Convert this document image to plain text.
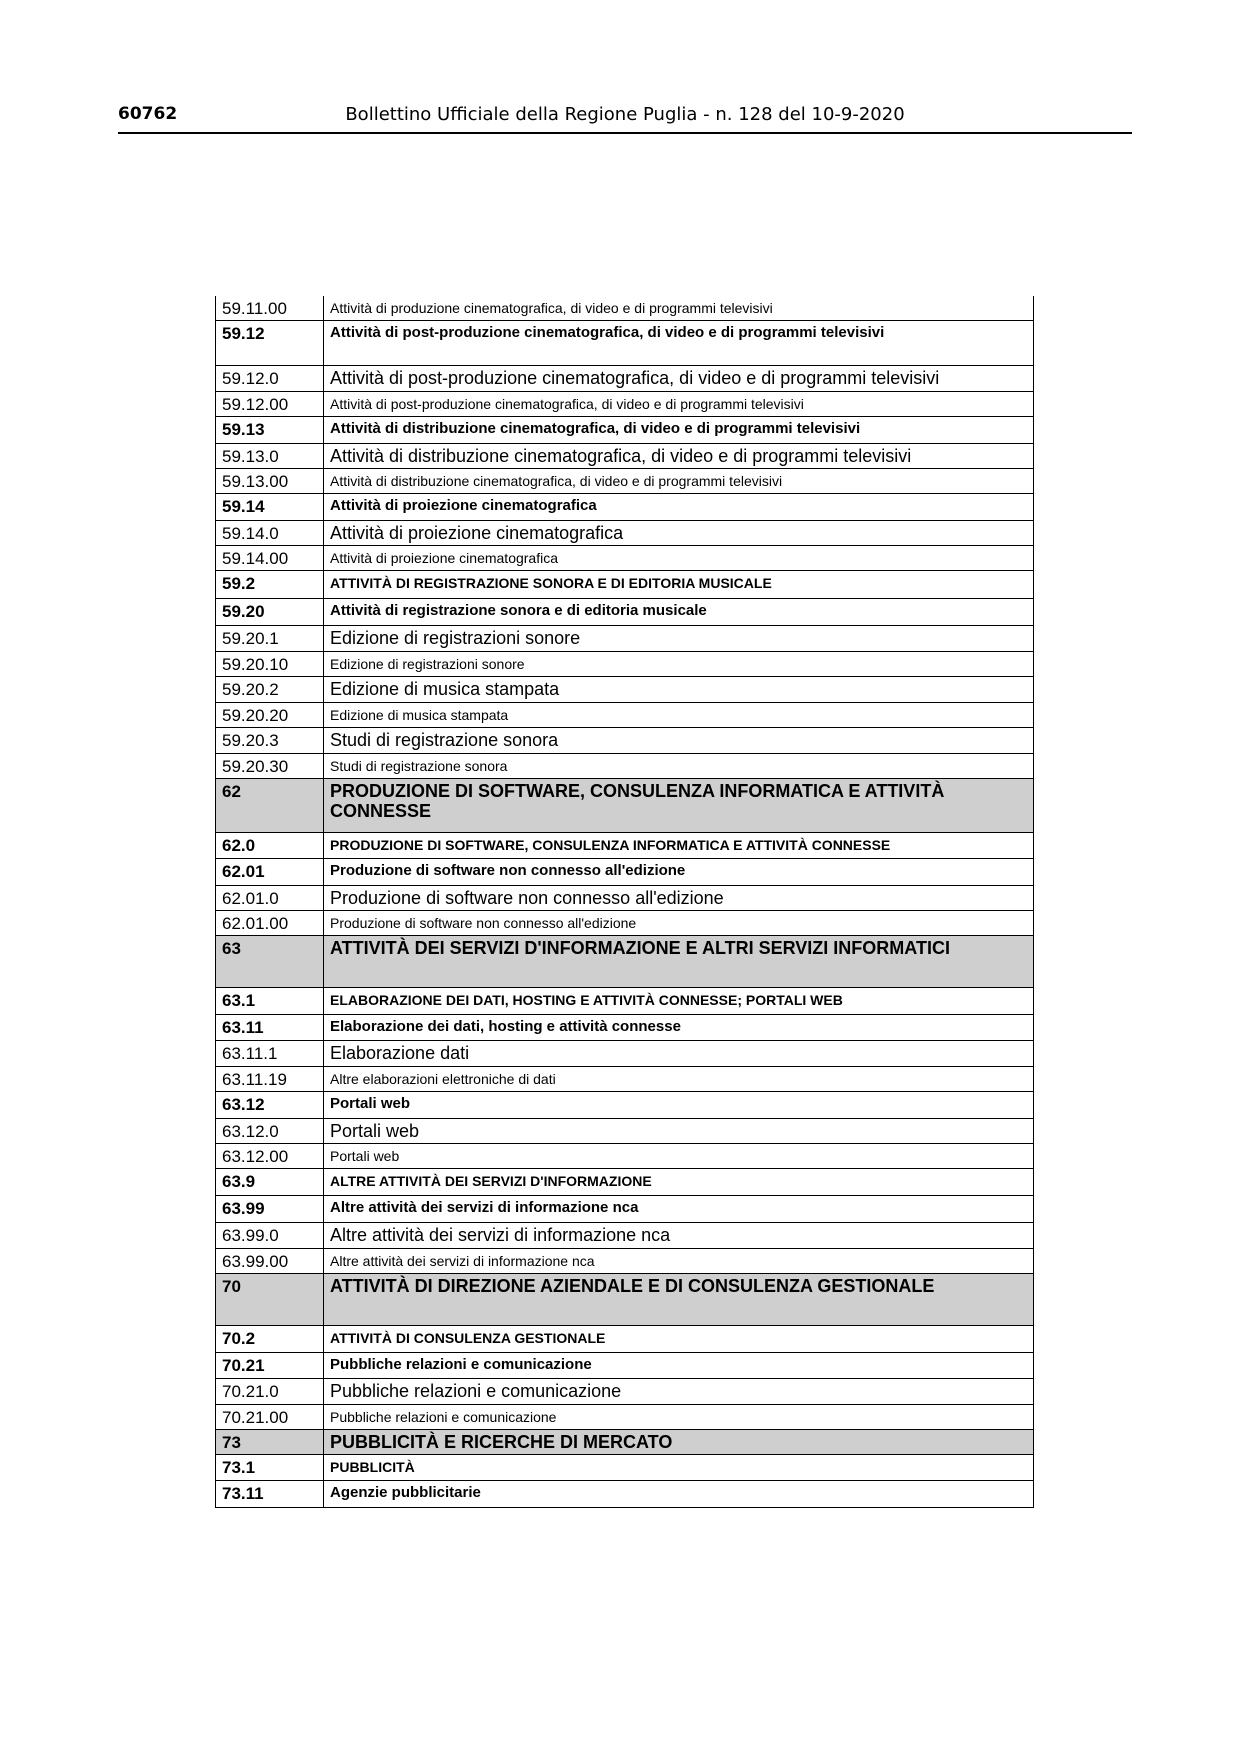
60762	Bollettino Ufficiale della Regione Puglia - n. 128 del 10-9-2020
59.11.00	Attività di produzione cinematografica, di video e di programmi televisivi
59.12	Attività di post-produzione cinematografica, di video e di programmi televisivi
59.12.0	Attività di post-produzione cinematografica, di video e di programmi televisivi
59.12.00	Attività di post-produzione cinematografica, di video e di programmi televisivi
59.13	Attività di distribuzione cinematografica, di video e di programmi televisivi
59.13.0	Attività di distribuzione cinematografica, di video e di programmi televisivi
59.13.00	Attività di distribuzione cinematografica, di video e di programmi televisivi
59.14	Attività di proiezione cinematografica
59.14.0	Attività di proiezione cinematografica
59.14.00	Attività di proiezione cinematografica
59.2	ATTIVITÀ DI REGISTRAZIONE SONORA E DI EDITORIA MUSICALE
59.20	Attività di registrazione sonora e di editoria musicale
59.20.1	Edizione di registrazioni sonore
59.20.10	Edizione di registrazioni sonore
59.20.2	Edizione di musica stampata
59.20.20	Edizione di musica stampata
59.20.3	Studi di registrazione sonora
59.20.30	Studi di registrazione sonora
62	PRODUZIONE DI SOFTWARE, CONSULENZA INFORMATICA E ATTIVITÀ CONNESSE
62.0	PRODUZIONE DI SOFTWARE, CONSULENZA INFORMATICA E ATTIVITÀ CONNESSE
62.01	Produzione di software non connesso all'edizione
62.01.0	Produzione di software non connesso all'edizione
62.01.00	Produzione di software non connesso all'edizione
63	ATTIVITÀ DEI SERVIZI D'INFORMAZIONE E ALTRI SERVIZI INFORMATICI
63.1	ELABORAZIONE DEI DATI, HOSTING E ATTIVITÀ CONNESSE; PORTALI WEB
63.11	Elaborazione dei dati, hosting e attività connesse
63.11.1	Elaborazione dati
63.11.19	Altre elaborazioni elettroniche di dati
63.12	Portali web
63.12.0	Portali web
63.12.00	Portali web
63.9	ALTRE ATTIVITÀ DEI SERVIZI D'INFORMAZIONE
63.99	Altre attività dei servizi di informazione nca
63.99.0	Altre attività dei servizi di informazione nca
63.99.00	Altre attività dei servizi di informazione nca
70	ATTIVITÀ DI DIREZIONE AZIENDALE E DI CONSULENZA GESTIONALE
70.2	ATTIVITÀ DI CONSULENZA GESTIONALE
70.21	Pubbliche relazioni e comunicazione
70.21.0	Pubbliche relazioni e comunicazione
70.21.00	Pubbliche relazioni e comunicazione
73	PUBBLICITÀ E RICERCHE DI MERCATO
73.1	PUBBLICITÀ
73.11	Agenzie pubblicitarie
